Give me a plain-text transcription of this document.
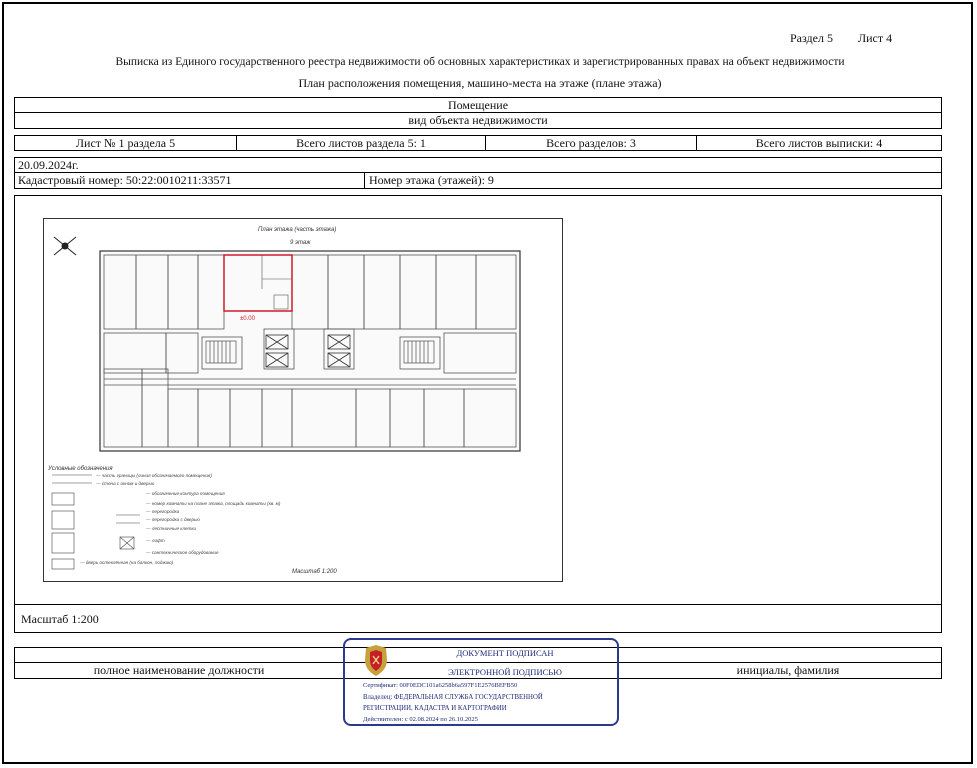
Раздел 5 Лист 4
Выписка из Единого государственного реестра недвижимости об основных характеристиках и зарегистрированных правах на объект недвижимости
План расположения помещения, машино-места на этаже (плане этажа)
Помещение
вид объекта недвижимости
Лист № 1 раздела 5	Всего листов раздела 5: 1	Всего разделов: 3	Всего листов выписки: 4
20.09.2024г.
Кадастровый номер: 50:22:0010211:33571	Номер этажа (этажей): 9
±0.00
План этажа (часть этажа)
9 этаж
Условные обозначения
— часть границы (линия обозначаемого помещения)
— стена с окном и дверью
— обозначение контура помещения
— номер комнаты на плане этажа, площадь комнаты (кв. м)
— перегородка
— перегородка с дверью
— лестничные клетки
— лифт
— сантехническое оборудование
— дверь остеклённая (на балкон, лоджию)
Масштаб 1:200
Масштаб 1:200
полное наименование должности	инициалы, фамилия
ДОКУМЕНТ ПОДПИСАН
ЭЛЕКТРОННОЙ ПОДПИСЬЮ
Сертификат: 00F0EDC101a6258b6a597F1E2576BEFB50
Владелец: ФЕДЕРАЛЬНАЯ СЛУЖБА ГОСУДАРСТВЕННОЙ
РЕГИСТРАЦИИ, КАДАСТРА И КАРТОГРАФИИ
Действителен: с 02.08.2024 по 26.10.2025
